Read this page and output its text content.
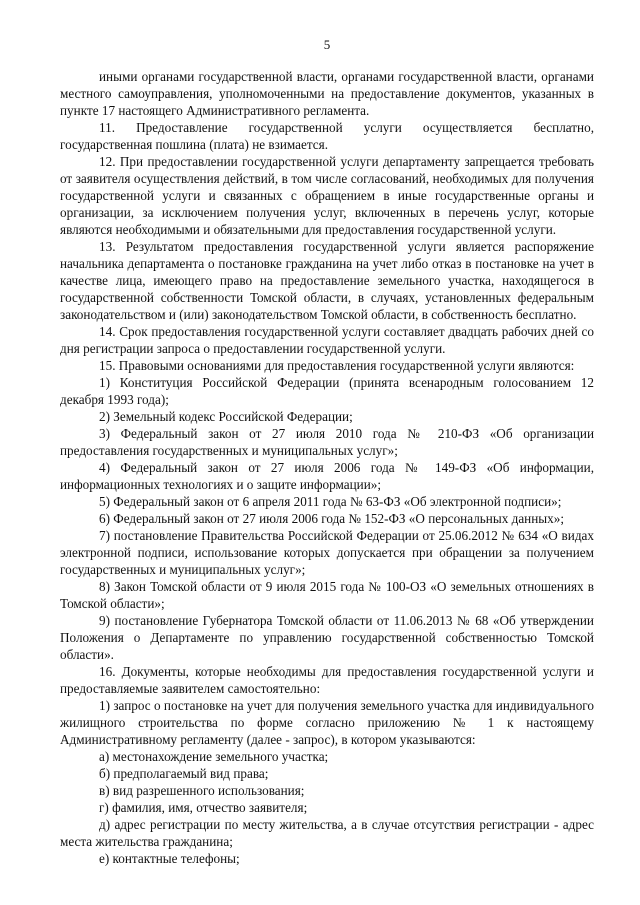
5

иными органами государственной власти, органами государственной власти, органами местного самоуправления, уполномоченными на предоставление документов, указанных в пункте 17 настоящего Административного регламента.

11. Предоставление государственной услуги осуществляется бесплатно, государственная пошлина (плата) не взимается.

12. При предоставлении государственной услуги департаменту запрещается требовать от заявителя осуществления действий, в том числе согласований, необходимых для получения государственной услуги и связанных с обращением в иные государственные органы и организации, за исключением получения услуг, включенных в перечень услуг, которые являются необходимыми и обязательными для предоставления государственной услуги.

13. Результатом предоставления государственной услуги является распоряжение начальника департамента о постановке гражданина на учет либо отказ в постановке на учет в качестве лица, имеющего право на предоставление земельного участка, находящегося в государственной собственности Томской области, в случаях, установленных федеральным законодательством и (или) законодательством Томской области, в собственность бесплатно.

14. Срок предоставления государственной услуги составляет двадцать рабочих дней со дня регистрации запроса о предоставлении государственной услуги.

15. Правовыми основаниями для предоставления государственной услуги являются:

1) Конституция Российской Федерации (принята всенародным голосованием 12 декабря 1993 года);

2) Земельный кодекс Российской Федерации;

3) Федеральный закон от 27 июля 2010 года № 210-ФЗ «Об организации предоставления государственных и муниципальных услуг»;

4) Федеральный закон от 27 июля 2006 года № 149-ФЗ «Об информации, информационных технологиях и о защите информации»;

5) Федеральный закон от 6 апреля 2011 года № 63-ФЗ «Об электронной подписи»;

6) Федеральный закон от 27 июля 2006 года № 152-ФЗ «О персональных данных»;

7) постановление Правительства Российской Федерации от 25.06.2012 № 634 «О видах электронной подписи, использование которых допускается при обращении за получением государственных и муниципальных услуг»;

8) Закон Томской области от 9 июля 2015 года № 100-ОЗ «О земельных отношениях в Томской области»;

9) постановление Губернатора Томской области от 11.06.2013 № 68 «Об утверждении Положения о Департаменте по управлению государственной собственностью Томской области».

16. Документы, которые необходимы для предоставления государственной услуги и предоставляемые заявителем самостоятельно:

1) запрос о постановке на учет для получения земельного участка для индивидуального жилищного строительства по форме согласно приложению № 1 к настоящему Административному регламенту (далее - запрос), в котором указываются:

а) местонахождение земельного участка;

б) предполагаемый вид права;

в) вид разрешенного использования;

г) фамилия, имя, отчество заявителя;

д) адрес регистрации по месту жительства, а в случае отсутствия регистрации - адрес места жительства гражданина;

е) контактные телефоны;
